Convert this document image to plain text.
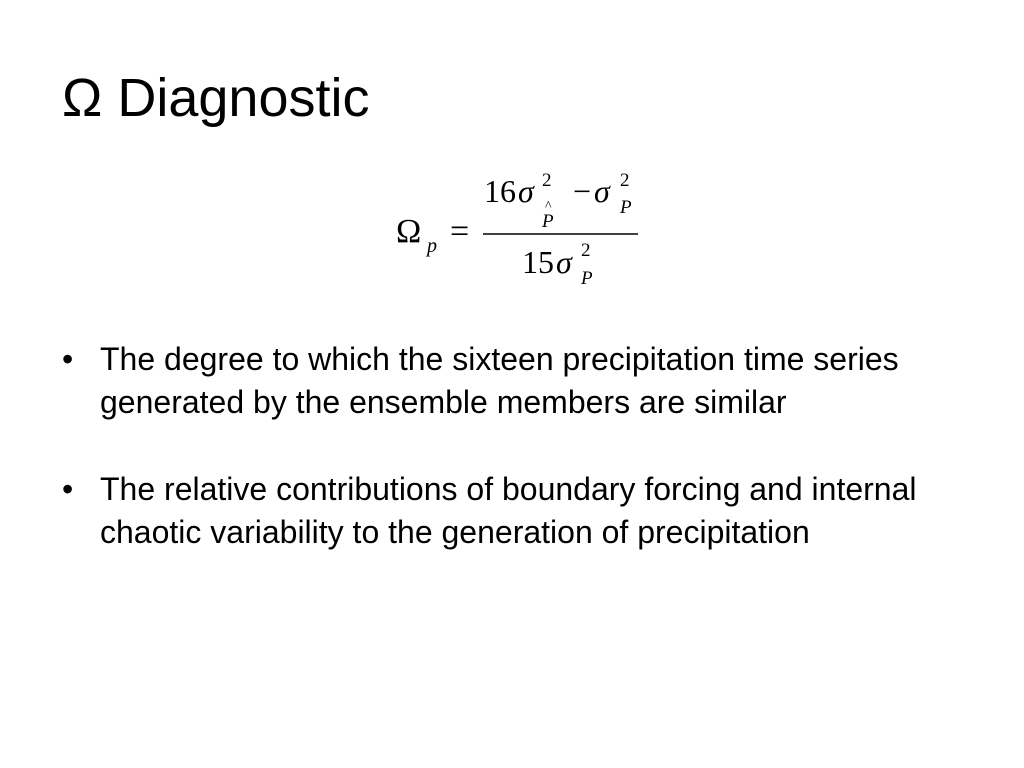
Ω Diagnostic
Ω p =
16 σ 2
^
P
− σ 2
P
15 σ 2
P
• The degree to which the sixteen precipitation time series generated by the ensemble members are similar
• The relative contributions of boundary forcing and internal chaotic variability to the generation of precipitation
